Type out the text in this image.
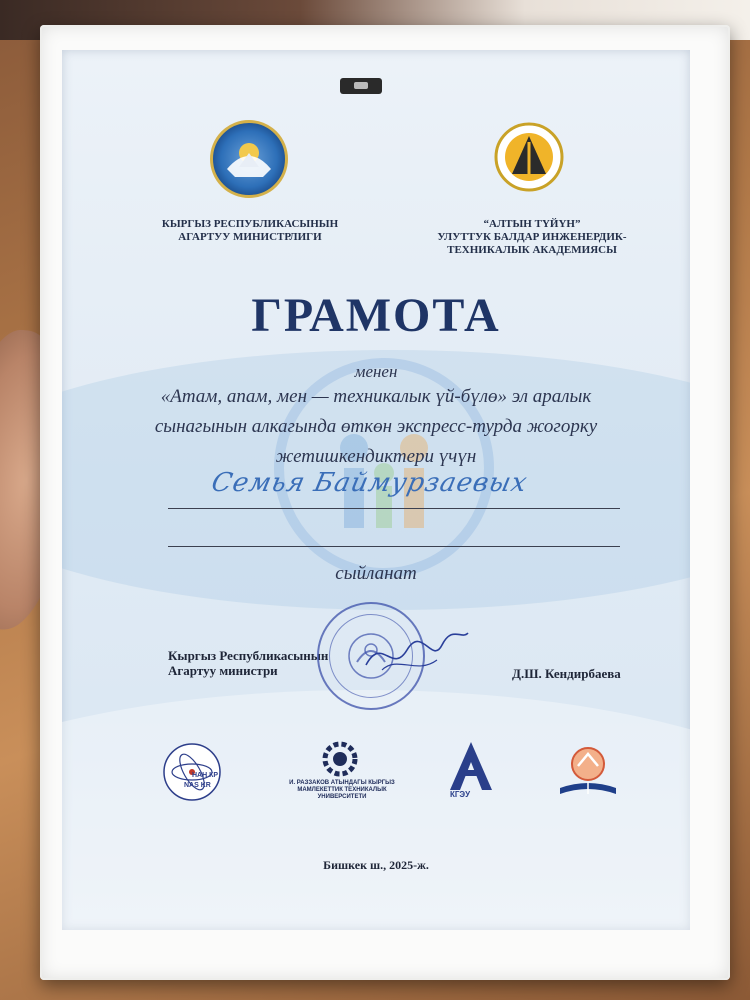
КЫРГЫЗ РЕСПУБЛИКАСЫНЫН
АГАРТУУ МИНИСТРЛИГИ
“АЛТЫН ТҮЙҮН”
УЛУТТУК БАЛДАР ИНЖЕНЕРДИК-
ТЕХНИКАЛЫК АКАДЕМИЯСЫ
ГРАМОТА
менен
«Атам, апам, мен — техникалык үй-бүлө» эл аралык
сынагынын алкагында өткөн экспресс-турда жогорку
жетишкендиктери үчүн
Семья Баймурзаевых
сыйланат
Кыргыз Республикасынын
Агартуу министри	Д.Ш. Кендирбаева
НАН КР
NAS KR	И. РАЗЗАКОВ АТЫНДАГЫ КЫРГЫЗ
МАМЛЕКЕТТИК ТЕХНИКАЛЫК
УНИВЕРСИТЕТИ	КГЭУ
Бишкек ш., 2025-ж.
